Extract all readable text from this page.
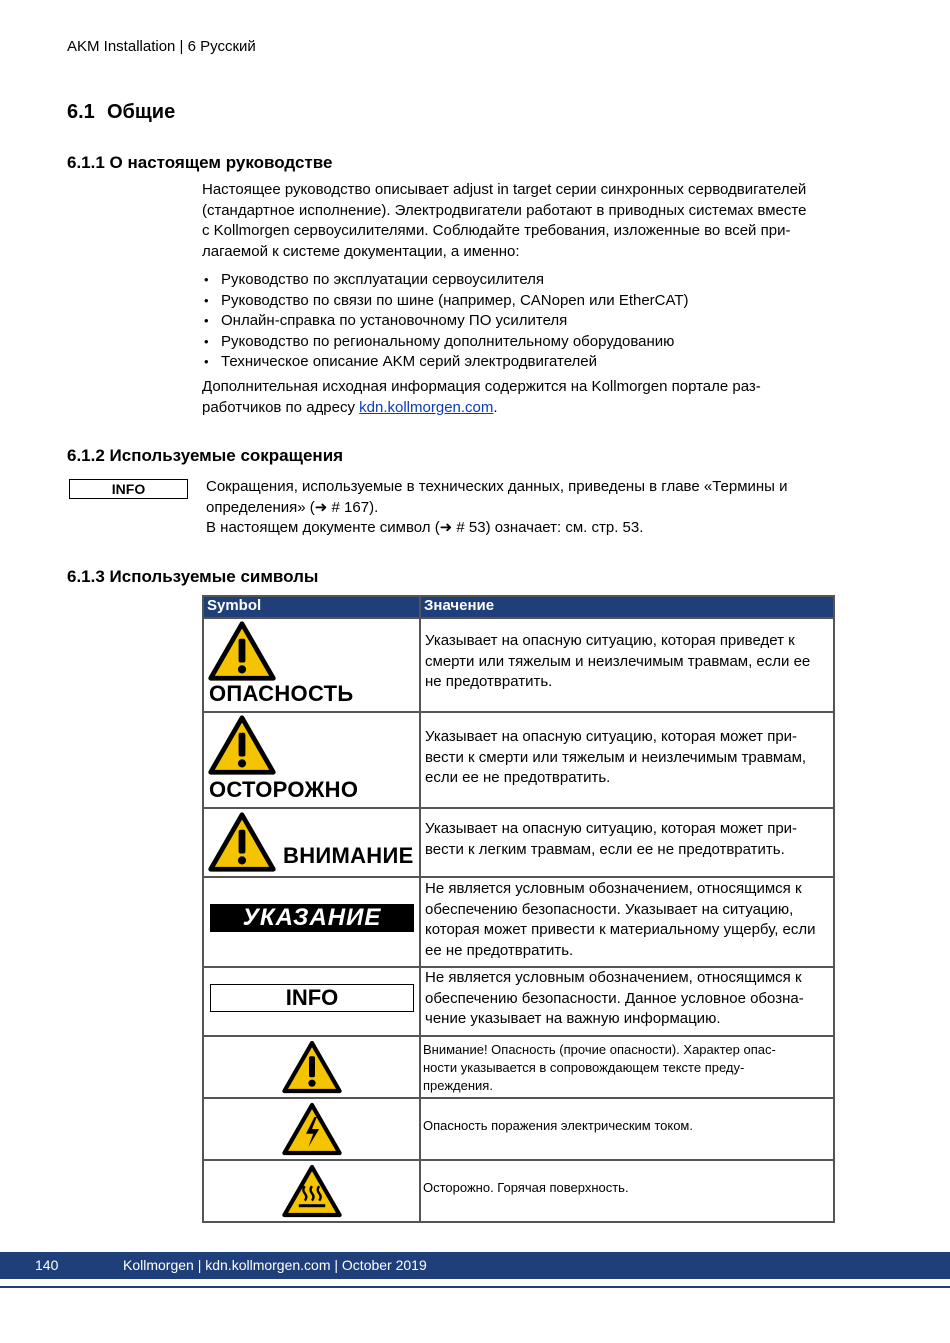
AKM Installation | 6 Русский
6.1 Общие
6.1.1 О настоящем руководстве
Настоящее руководство описывает adjust in target серии синхронных серводвигателей
(стандартное исполнение). Электродвигатели работают в приводных системах вместе
с Kollmorgen сервоусилителями. Соблюдайте требования, изложенные во всей при-
лагаемой к системе документации, а именно:
• Руководство по эксплуатации сервоусилителя
• Руководство по связи по шине (например, CANopen или EtherCAT)
• Онлайн-справка по установочному ПО усилителя
• Руководство по региональному дополнительному оборудованию
• Техническое описание AKM серий электродвигателей
Дополнительная исходная информация содержится на Kollmorgen портале раз-
работчиков по адресу kdn.kollmorgen.com.
6.1.2 Используемые сокращения
INFO	Сокращения, используемые в технических данных, приведены в главе «Термины и
определения» (➜ # 167).
В настоящем документе символ (➜ # 53) означает: см. стр. 53.
6.1.3 Используемые символы
Symbol	Значение

ОПАСНОСТЬ	Указывает на опасную ситуацию, которая приведет к
смерти или тяжелым и неизлечимым травмам, если ее
не предотвратить.

ОСТОРОЖНО	Указывает на опасную ситуацию, которая может при-
вести к смерти или тяжелым и неизлечимым травмам,
если ее не предотвратить.

ВНИМАНИЕ	Указывает на опасную ситуацию, которая может при-
вести к легким травмам, если ее не предотвратить.

УКАЗАНИЕ	Не является условным обозначением, относящимся к
обеспечению безопасности. Указывает на ситуацию,
которая может привести к материальному ущербу, если
ее не предотвратить.

INFO	Не является условным обозначением, относящимся к
обеспечению безопасности. Данное условное обозна-
чение указывает на важную информацию.

Внимание! Опасность (прочие опасности). Характер опас-
ности указывается в сопровождающем тексте преду-
преждения.

Опасность поражения электрическим током.

Осторожно. Горячая поверхность.
140	Kollmorgen | kdn.kollmorgen.com | October 2019
